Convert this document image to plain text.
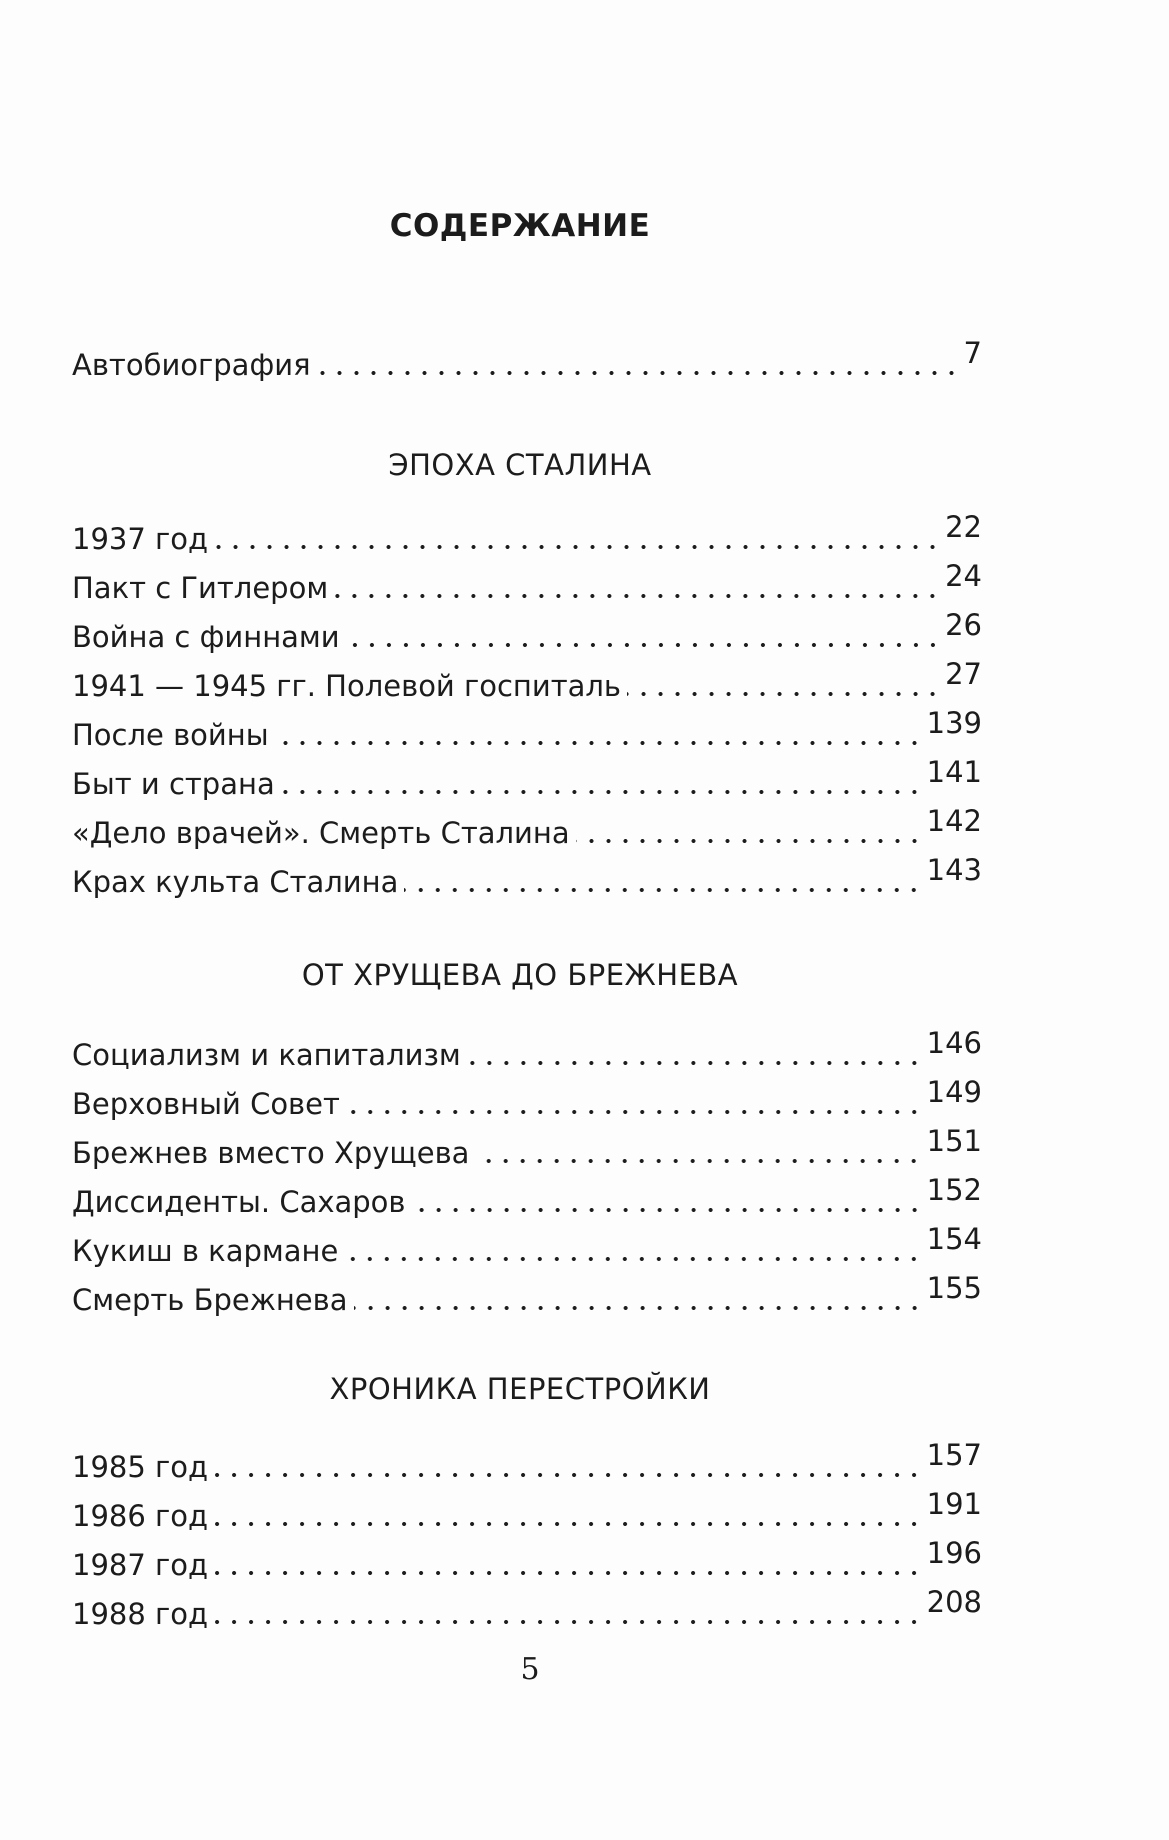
СОДЕРЖАНИЕ
Автобиография	7
ЭПОХА СТАЛИНА
1937 год	22
Пакт с Гитлером	24
Война с финнами	26
1941 — 1945 гг. Полевой госпиталь	27
После войны	139
Быт и страна	141
«Дело врачей». Смерть Сталина	142
Крах культа Сталина	143
ОТ ХРУЩЕВА ДО БРЕЖНЕВА
Социализм и капитализм	146
Верховный Совет	149
Брежнев вместо Хрущева	151
Диссиденты. Сахаров	152
Кукиш в кармане	154
Смерть Брежнева	155
ХРОНИКА ПЕРЕСТРОЙКИ
1985 год	157
1986 год	191
1987 год	196
1988 год	208
5
